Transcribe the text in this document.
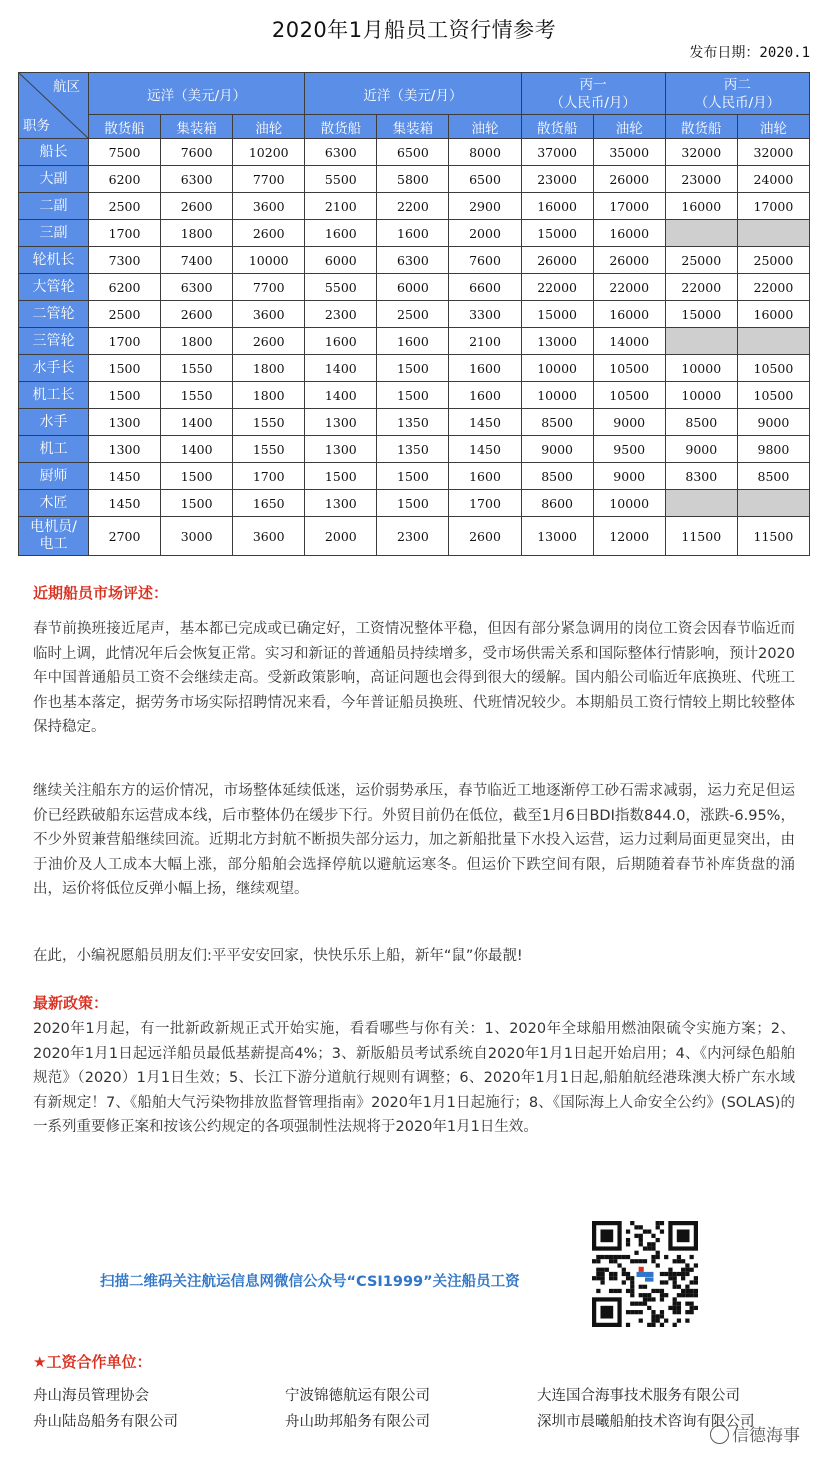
2020年1月船员工资行情参考
发布日期：2020.1
航区
职务	远洋（美元/月）			近洋（美元/月）			丙一
（人民币/月）		丙二
（人民币/月）	
	散货船	集装箱	油轮	散货船	集装箱	油轮	散货船	油轮	散货船	油轮
船长	7500	7600	10200	6300	6500	8000	37000	35000	32000	32000
大副	6200	6300	7700	5500	5800	6500	23000	26000	23000	24000
二副	2500	2600	3600	2100	2200	2900	16000	17000	16000	17000
三副	1700	1800	2600	1600	1600	2000	15000	16000		
轮机长	7300	7400	10000	6000	6300	7600	26000	26000	25000	25000
大管轮	6200	6300	7700	5500	6000	6600	22000	22000	22000	22000
二管轮	2500	2600	3600	2300	2500	3300	15000	16000	15000	16000
三管轮	1700	1800	2600	1600	1600	2100	13000	14000		
水手长	1500	1550	1800	1400	1500	1600	10000	10500	10000	10500
机工长	1500	1550	1800	1400	1500	1600	10000	10500	10000	10500
水手	1300	1400	1550	1300	1350	1450	8500	9000	8500	9000
机工	1300	1400	1550	1300	1350	1450	9000	9500	9000	9800
厨师	1450	1500	1700	1500	1500	1600	8500	9000	8300	8500
木匠	1450	1500	1650	1300	1500	1700	8600	10000		
电机员/
电工	2700	3000	3600	2000	2300	2600	13000	12000	11500	11500
近期船员市场评述：
春节前换班接近尾声，基本都已完成或已确定好，工资情况整体平稳，但因有部分紧急调用的岗位工资会因春节临近而临时上调，此情况年后会恢复正常。实习和新证的普通船员持续增多，受市场供需关系和国际整体行情影响，预计2020年中国普通船员工资不会继续走高。受新政策影响，高证问题也会得到很大的缓解。国内船公司临近年底换班、代班工作也基本落定，据劳务市场实际招聘情况来看，今年普证船员换班、代班情况较少。本期船员工资行情较上期比较整体保持稳定。
继续关注船东方的运价情况，市场整体延续低迷，运价弱势承压，春节临近工地逐渐停工砂石需求减弱，运力充足但运价已经跌破船东运营成本线，后市整体仍在缓步下行。外贸目前仍在低位，截至1月6日BDI指数844.0，涨跌-6.95%，不少外贸兼营船继续回流。近期北方封航不断损失部分运力，加之新船批量下水投入运营，运力过剩局面更显突出，由于油价及人工成本大幅上涨，部分船舶会选择停航以避航运寒冬。但运价下跌空间有限，后期随着春节补库货盘的涌出，运价将低位反弹小幅上扬，继续观望。
在此，小编祝愿船员朋友们:平平安安回家，快快乐乐上船，新年“鼠”你最靓!
最新政策：
2020年1月起，有一批新政新规正式开始实施，看看哪些与你有关：1、2020年全球船用燃油限硫令实施方案；2、2020年1月1日起远洋船员最低基薪提高4%；3、新版船员考试系统自2020年1月1日起开始启用；4、《内河绿色船舶规范》（2020）1月1日生效；5、长江下游分道航行规则有调整；6、2020年1月1日起,船舶航经港珠澳大桥广东水域有新规定！7、《船舶大气污染物排放监督管理指南》2020年1月1日起施行；8、《国际海上人命安全公约》(SOLAS)的一系列重要修正案和按该公约规定的各项强制性法规将于2020年1月1日生效。
扫描二维码关注航运信息网微信公众号“CSI1999”关注船员工资
★工资合作单位：
舟山海员管理协会	宁波锦德航运有限公司	大连国合海事技术服务有限公司
舟山陆岛船务有限公司	舟山助邦船务有限公司	深圳市晨曦船舶技术咨询有限公司
信德海事
